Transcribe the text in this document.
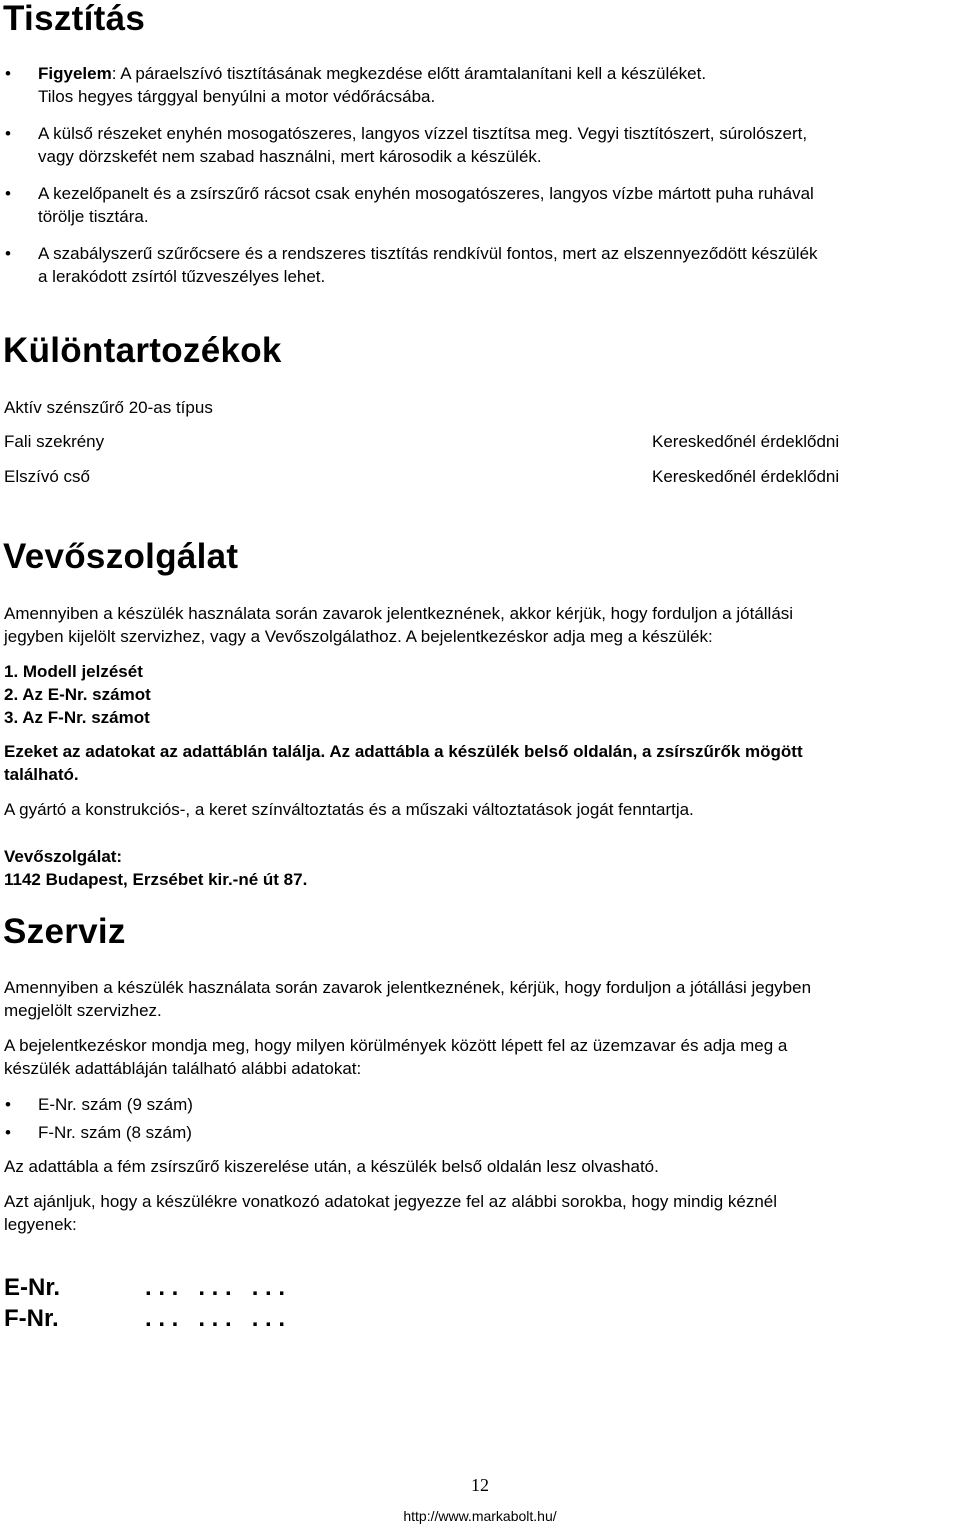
Tisztítás
• Figyelem: A páraelszívó tisztításának megkezdése előtt áramtalanítani kell a készüléket.
Tilos hegyes tárggyal benyúlni a motor védőrácsába.
• A külső részeket enyhén mosogatószeres, langyos vízzel tisztítsa meg. Vegyi tisztítószert, súrolószert,
vagy dörzskefét nem szabad használni, mert károsodik a készülék.
• A kezelőpanelt és a zsírszűrő rácsot csak enyhén mosogatószeres, langyos vízbe mártott puha ruhával
törölje tisztára.
• A szabályszerű szűrőcsere és a rendszeres tisztítás rendkívül fontos, mert az elszennyeződött készülék
a lerakódott zsírtól tűzveszélyes lehet.
Különtartozékok
Aktív szénszűrő 20-as típus
Fali szekrény	Kereskedőnél érdeklődni
Elszívó cső	Kereskedőnél érdeklődni
Vevőszolgálat
Amennyiben a készülék használata során zavarok jelentkeznének, akkor kérjük, hogy forduljon a jótállási
jegyben kijelölt szervizhez, vagy a Vevőszolgálathoz. A bejelentkezéskor adja meg a készülék:
1. Modell jelzését
2. Az E-Nr. számot
3. Az F-Nr. számot
Ezeket az adatokat az adattáblán találja. Az adattábla a készülék belső oldalán, a zsírszűrők mögött
található.
A gyártó a konstrukciós-, a keret színváltoztatás és a műszaki változtatások jogát fenntartja.
Vevőszolgálat:
1142 Budapest, Erzsébet kir.-né út 87.
Szerviz
Amennyiben a készülék használata során zavarok jelentkeznének, kérjük, hogy forduljon a jótállási jegyben
megjelölt szervizhez.
A bejelentkezéskor mondja meg, hogy milyen körülmények között lépett fel az üzemzavar és adja meg a
készülék adattábláján található alábbi adatokat:
• E-Nr. szám (9 szám)
• F-Nr. szám (8 szám)
Az adattábla a fém zsírszűrő kiszerelése után, a készülék belső oldalán lesz olvasható.
Azt ajánljuk, hogy a készülékre vonatkozó adatokat jegyezze fel az alábbi sorokba, hogy mindig kéznél
legyenek:
E-Nr.	. . .   . . .   . . .
F-Nr.	. . .   . . .   . . .
12
http://www.markabolt.hu/
